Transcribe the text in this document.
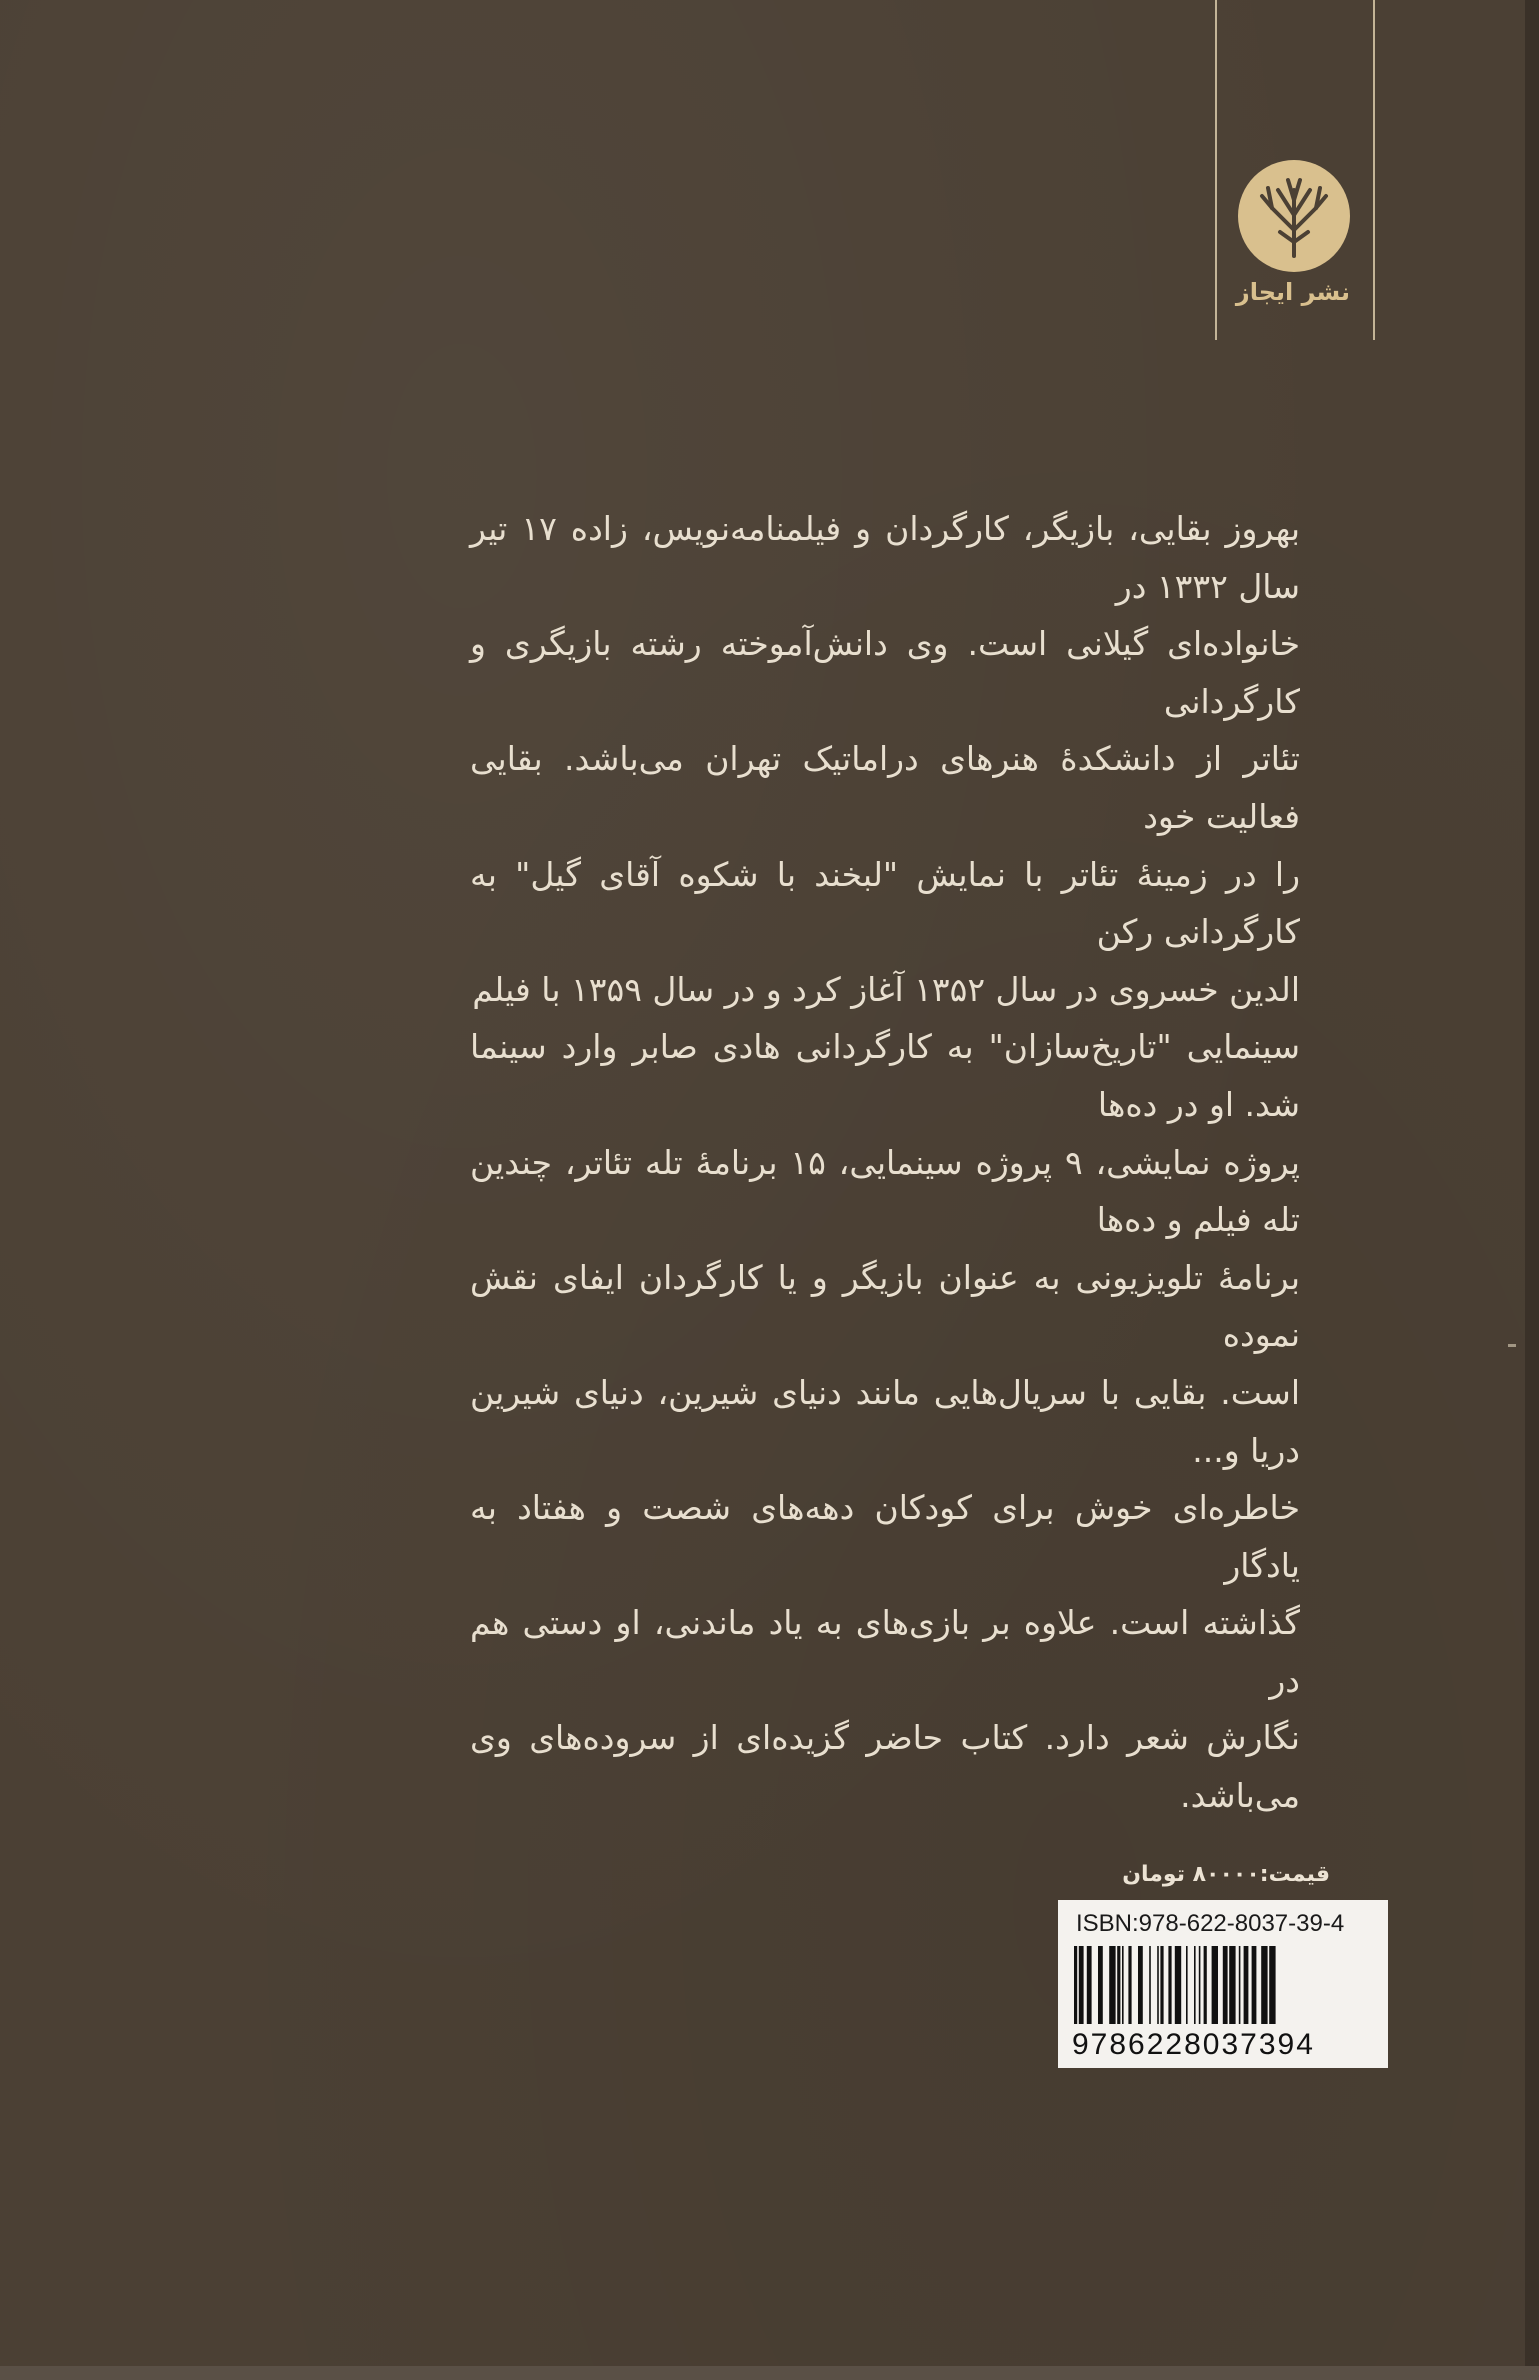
نشر ایجاز
بهروز بقایی، بازیگر، کارگردان و فیلمنامه‌نویس، زاده ۱۷ تیر سال ۱۳۳۲ در
خانواده‌ای گیلانی است. وی دانش‌آموخته رشته بازیگری و کارگردانی
تئاتر از دانشکدهٔ هنرهای دراماتیک تهران می‌باشد. بقایی فعالیت خود
را در زمینهٔ تئاتر با نمایش "لبخند با شکوه آقای گیل" به کارگردانی رکن
الدین خسروی در سال ۱۳۵۲ آغاز کرد و در سال ۱۳۵۹ با فیلم
سینمایی "تاریخ‌سازان" به کارگردانی هادی صابر وارد سینما شد. او در ده‌ها
پروژه نمایشی، ۹ پروژه سینمایی، ۱۵ برنامهٔ تله تئاتر، چندین تله فیلم و ده‌ها
برنامهٔ تلویزیونی به عنوان بازیگر و یا کارگردان ایفای نقش نموده
است. بقایی با سریال‌هایی مانند دنیای شیرین، دنیای شیرین دریا و...
خاطره‌ای خوش برای کودکان دهه‌های شصت و هفتاد به یادگار
گذاشته است. علاوه بر بازی‌های به یاد ماندنی، او دستی هم در
نگارش شعر دارد. کتاب حاضر گزیده‌ای از سروده‌های وی می‌باشد.
قیمت:۸۰۰۰۰ تومان
ISBN:978-622-8037-39-4
9786228037394
